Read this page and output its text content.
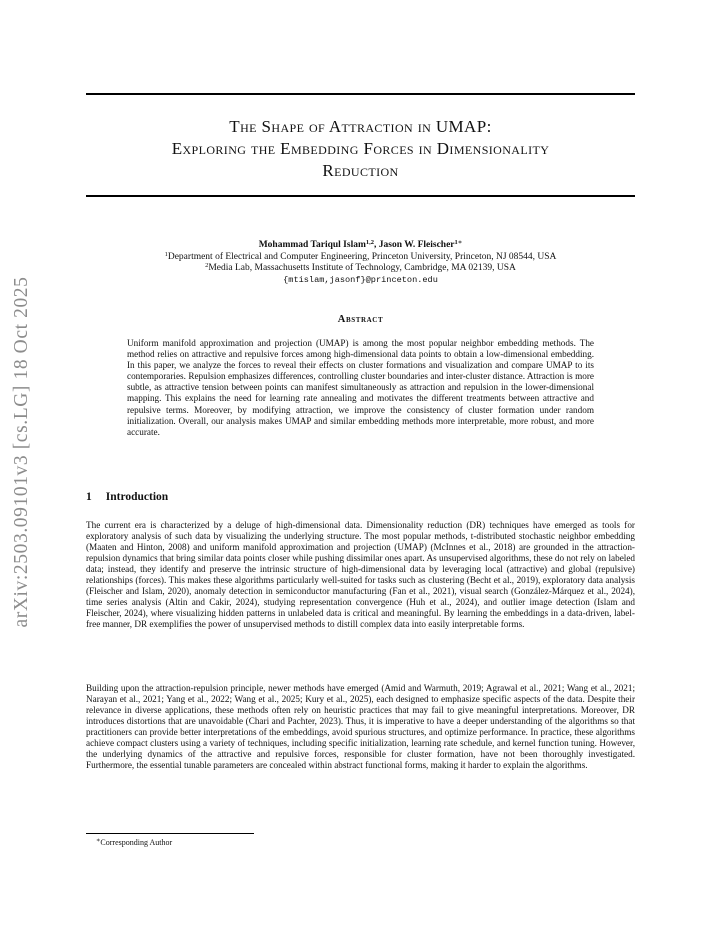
arXiv:2503.09101v3 [cs.LG] 18 Oct 2025
The Shape of Attraction in UMAP:
Exploring the Embedding Forces in Dimensionality
Reduction
Mohammad Tariqul Islam$^{1,2}$, Jason W. Fleischer$^{1∗}$
$^1$Department of Electrical and Computer Engineering, Princeton University, Princeton, NJ 08544, USA
$^2$Media Lab, Massachusetts Institute of Technology, Cambridge, MA 02139, USA
{mtislam,jasonf}@princeton.edu
Abstract
Uniform manifold approximation and projection (UMAP) is among the most popular neighbor embedding methods. The method relies on attractive and repulsive forces among high-dimensional data points to obtain a low-dimensional embedding. In this paper, we analyze the forces to reveal their effects on cluster formations and visualization and compare UMAP to its contemporaries. Repulsion emphasizes differences, controlling cluster boundaries and inter-cluster distance. Attraction is more subtle, as attractive tension between points can manifest simultaneously as attraction and repulsion in the lower-dimensional mapping. This explains the need for learning rate annealing and motivates the different treatments between attractive and repulsive terms. Moreover, by modifying attraction, we improve the consistency of cluster formation under random initialization. Overall, our analysis makes UMAP and similar embedding methods more interpretable, more robust, and more accurate.
1 Introduction
The current era is characterized by a deluge of high-dimensional data. Dimensionality reduction (DR) techniques have emerged as tools for exploratory analysis of such data by visualizing the underlying structure. The most popular methods, t-distributed stochastic neighbor embedding (Maaten and Hinton, 2008) and uniform manifold approximation and projection (UMAP) (McInnes et al., 2018) are grounded in the attraction-repulsion dynamics that bring similar data points closer while pushing dissimilar ones apart. As unsupervised algorithms, these do not rely on labeled data; instead, they identify and preserve the intrinsic structure of high-dimensional data by leveraging local (attractive) and global (repulsive) relationships (forces). This makes these algorithms particularly well-suited for tasks such as clustering (Becht et al., 2019), exploratory data analysis (Fleischer and Islam, 2020), anomaly detection in semiconductor manufacturing (Fan et al., 2021), visual search (González-Márquez et al., 2024), time series analysis (Altin and Cakir, 2024), studying representation convergence (Huh et al., 2024), and outlier image detection (Islam and Fleischer, 2024), where visualizing hidden patterns in unlabeled data is critical and meaningful. By learning the embeddings in a data-driven, label-free manner, DR exemplifies the power of unsupervised methods to distill complex data into easily interpretable forms.
Building upon the attraction-repulsion principle, newer methods have emerged (Amid and Warmuth, 2019; Agrawal et al., 2021; Wang et al., 2021; Narayan et al., 2021; Yang et al., 2022; Wang et al., 2025; Kury et al., 2025), each designed to emphasize specific aspects of the data. Despite their relevance in diverse applications, these methods often rely on heuristic practices that may fail to give meaningful interpretations. Moreover, DR introduces distortions that are unavoidable (Chari and Pachter, 2023). Thus, it is imperative to have a deeper understanding of the algorithms so that practitioners can provide better interpretations of the embeddings, avoid spurious structures, and optimize performance. In practice, these algorithms achieve compact clusters using a variety of techniques, including specific initialization, learning rate schedule, and kernel function tuning. However, the underlying dynamics of the attractive and repulsive forces, responsible for cluster formation, have not been thoroughly investigated. Furthermore, the essential tunable parameters are concealed within abstract functional forms, making it harder to explain the algorithms.
∗Corresponding Author
